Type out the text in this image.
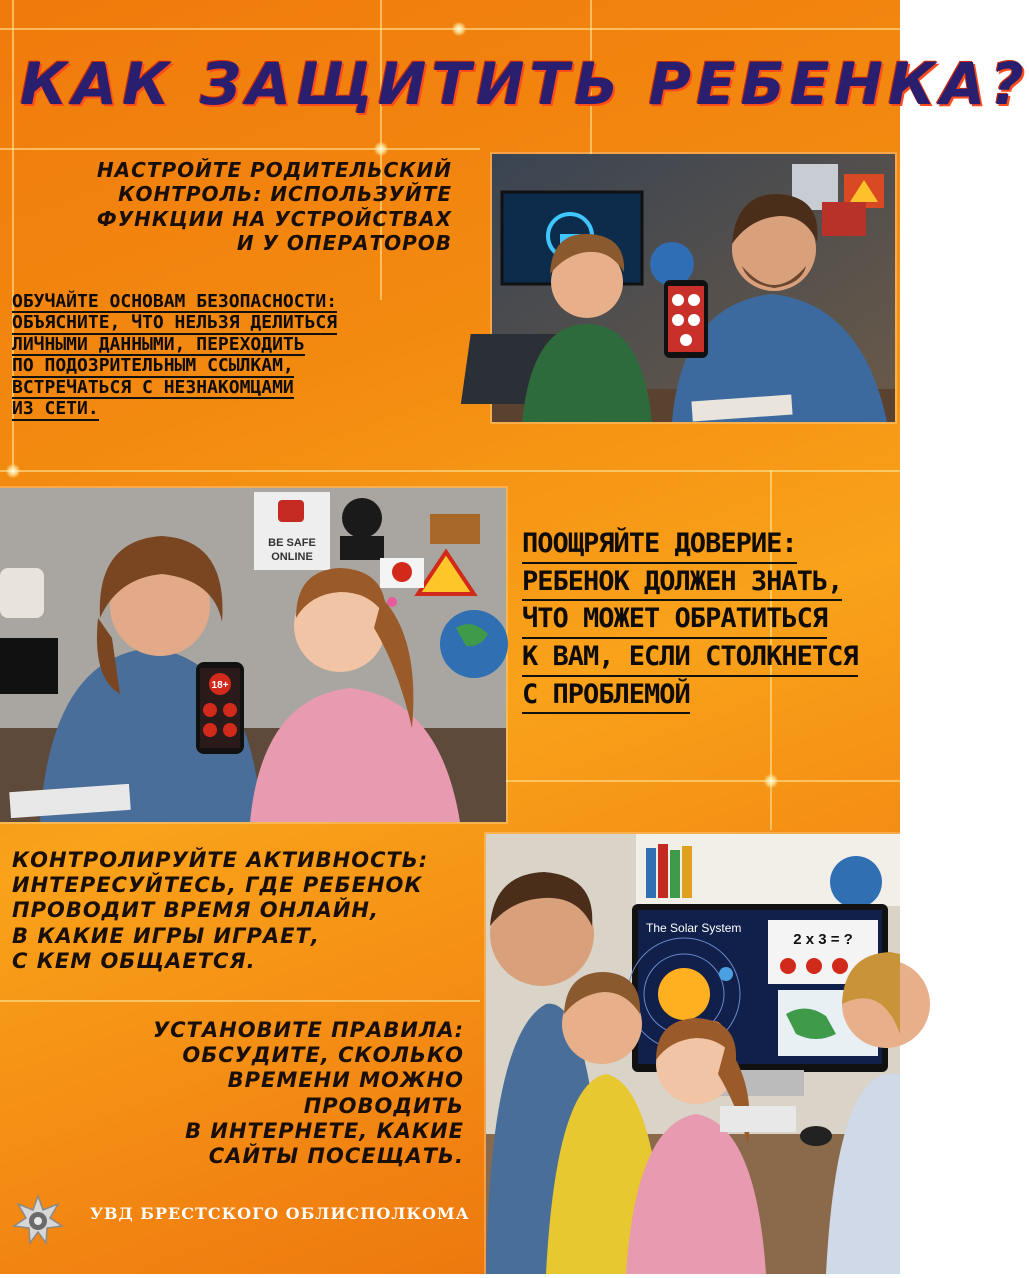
КАК ЗАЩИТИТЬ РЕБЕНКА?
НАСТРОЙТЕ РОДИТЕЛЬСКИЙ
КОНТРОЛЬ: ИСПОЛЬЗУЙТЕ
ФУНКЦИИ НА УСТРОЙСТВАХ
И У ОПЕРАТОРОВ
ОБУЧАЙТЕ ОСНОВАМ БЕЗОПАСНОСТИ:
ОБЪЯСНИТЕ, ЧТО НЕЛЬЗЯ ДЕЛИТЬСЯ
ЛИЧНЫМИ ДАННЫМИ, ПЕРЕХОДИТЬ
ПО ПОДОЗРИТЕЛЬНЫМ ССЫЛКАМ,
ВСТРЕЧАТЬСЯ С НЕЗНАКОМЦАМИ
ИЗ СЕТИ.
BE SAFE
ONLINE
18+
ПООЩРЯЙТЕ ДОВЕРИЕ:
РЕБЕНОК ДОЛЖЕН ЗНАТЬ,
ЧТО МОЖЕТ ОБРАТИТЬСЯ
К ВАМ, ЕСЛИ СТОЛКНЕТСЯ
С ПРОБЛЕМОЙ
КОНТРОЛИРУЙТЕ АКТИВНОСТЬ:
ИНТЕРЕСУЙТЕСЬ, ГДЕ РЕБЕНОК
ПРОВОДИТ ВРЕМЯ ОНЛАЙН,
В КАКИЕ ИГРЫ ИГРАЕТ,
С КЕМ ОБЩАЕТСЯ.
УСТАНОВИТЕ ПРАВИЛА:
ОБСУДИТЕ, СКОЛЬКО
ВРЕМЕНИ МОЖНО
ПРОВОДИТЬ
В ИНТЕРНЕТЕ, КАКИЕ
САЙТЫ ПОСЕЩАТЬ.
The Solar System
2 x 3 = ?
УВД БРЕСТСКОГО ОБЛИСПОЛКОМА
